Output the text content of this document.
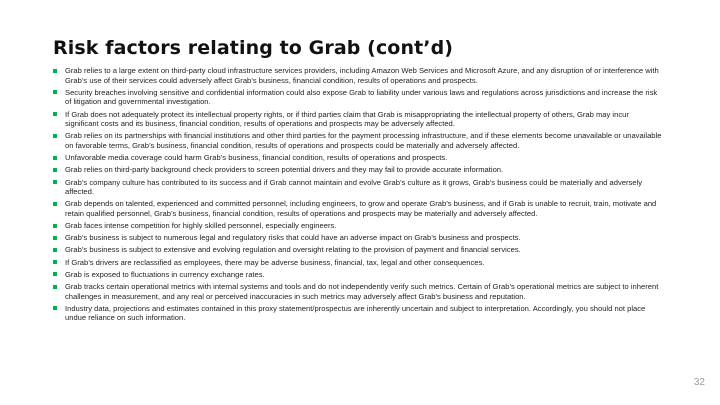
Risk factors relating to Grab (cont’d)
Grab relies to a large extent on third-party cloud infrastructure services providers, including Amazon Web Services and Microsoft Azure, and any disruption of or interference with Grab’s use of their services could adversely affect Grab’s business, financial condition, results of operations and prospects.
Security breaches involving sensitive and confidential information could also expose Grab to liability under various laws and regulations across jurisdictions and increase the risk of litigation and governmental investigation.
If Grab does not adequately protect its intellectual property rights, or if third parties claim that Grab is misappropriating the intellectual property of others, Grab may incur significant costs and its business, financial condition, results of operations and prospects may be adversely affected.
Grab relies on its partnerships with financial institutions and other third parties for the payment processing infrastructure, and if these elements become unavailable or unavailable on favorable terms, Grab’s business, financial condition, results of operations and prospects could be materially and adversely affected.
Unfavorable media coverage could harm Grab’s business, financial condition, results of operations and prospects.
Grab relies on third-party background check providers to screen potential drivers and they may fail to provide accurate information.
Grab’s company culture has contributed to its success and if Grab cannot maintain and evolve Grab’s culture as it grows, Grab’s business could be materially and adversely affected.
Grab depends on talented, experienced and committed personnel, including engineers, to grow and operate Grab’s business, and if Grab is unable to recruit, train, motivate and retain qualified personnel, Grab’s business, financial condition, results of operations and prospects may be materially and adversely affected.
Grab faces intense competition for highly skilled personnel, especially engineers.
Grab’s business is subject to numerous legal and regulatory risks that could have an adverse impact on Grab’s business and prospects.
Grab’s business is subject to extensive and evolving regulation and oversight relating to the provision of payment and financial services.
If Grab’s drivers are reclassified as employees, there may be adverse business, financial, tax, legal and other consequences.
Grab is exposed to fluctuations in currency exchange rates.
Grab tracks certain operational metrics with internal systems and tools and do not independently verify such metrics. Certain of Grab’s operational metrics are subject to inherent challenges in measurement, and any real or perceived inaccuracies in such metrics may adversely affect Grab’s business and reputation.
Industry data, projections and estimates contained in this proxy statement/prospectus are inherently uncertain and subject to interpretation. Accordingly, you should not place undue reliance on such information.
32
